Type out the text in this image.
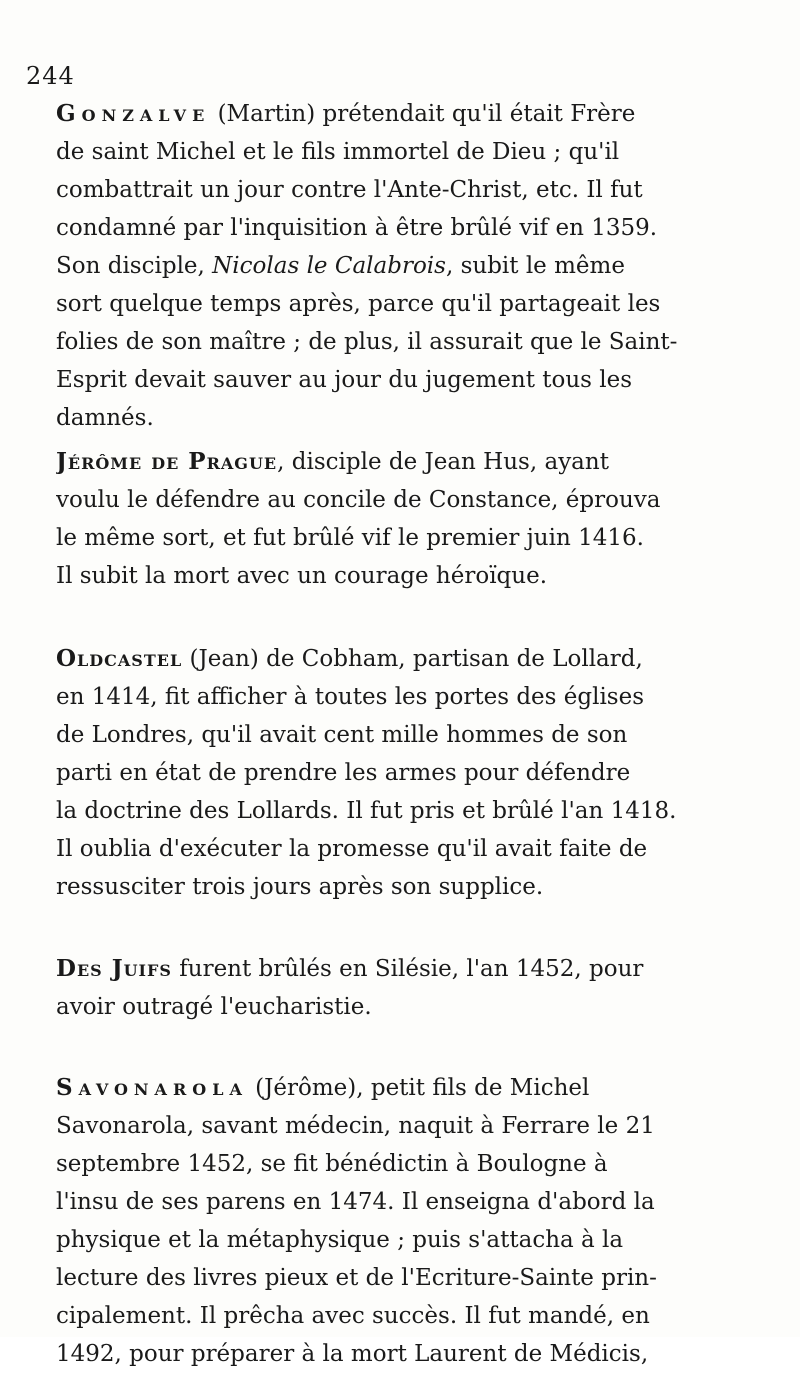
244
Gonzalve (Martin) prétendait qu'il était Frère
de saint Michel et le fils immortel de Dieu ; qu'il
combattrait un jour contre l'Ante-Christ, etc. Il fut
condamné par l'inquisition à être brûlé vif en 1359.
Son disciple, Nicolas le Calabrois, subit le même
sort quelque temps après, parce qu'il partageait les
folies de son maître ; de plus, il assurait que le Saint-
Esprit devait sauver au jour du jugement tous les
damnés.
Jérôme de Prague, disciple de Jean Hus, ayant
voulu le défendre au concile de Constance, éprouva
le même sort, et fut brûlé vif le premier juin 1416.
Il subit la mort avec un courage héroïque.
Oldcastel (Jean) de Cobham, partisan de Lollard,
en 1414, fit afficher à toutes les portes des églises
de Londres, qu'il avait cent mille hommes de son
parti en état de prendre les armes pour défendre
la doctrine des Lollards. Il fut pris et brûlé l'an 1418.
Il oublia d'exécuter la promesse qu'il avait faite de
ressusciter trois jours après son supplice.
Des Juifs furent brûlés en Silésie, l'an 1452, pour
avoir outragé l'eucharistie.
Savonarola (Jérôme), petit fils de Michel
Savonarola, savant médecin, naquit à Ferrare le 21
septembre 1452, se fit bénédictin à Boulogne à
l'insu de ses parens en 1474. Il enseigna d'abord la
physique et la métaphysique ; puis s'attacha à la
lecture des livres pieux et de l'Ecriture-Sainte prin-
cipalement. Il prêcha avec succès. Il fut mandé, en
1492, pour préparer à la mort Laurent de Médicis,
